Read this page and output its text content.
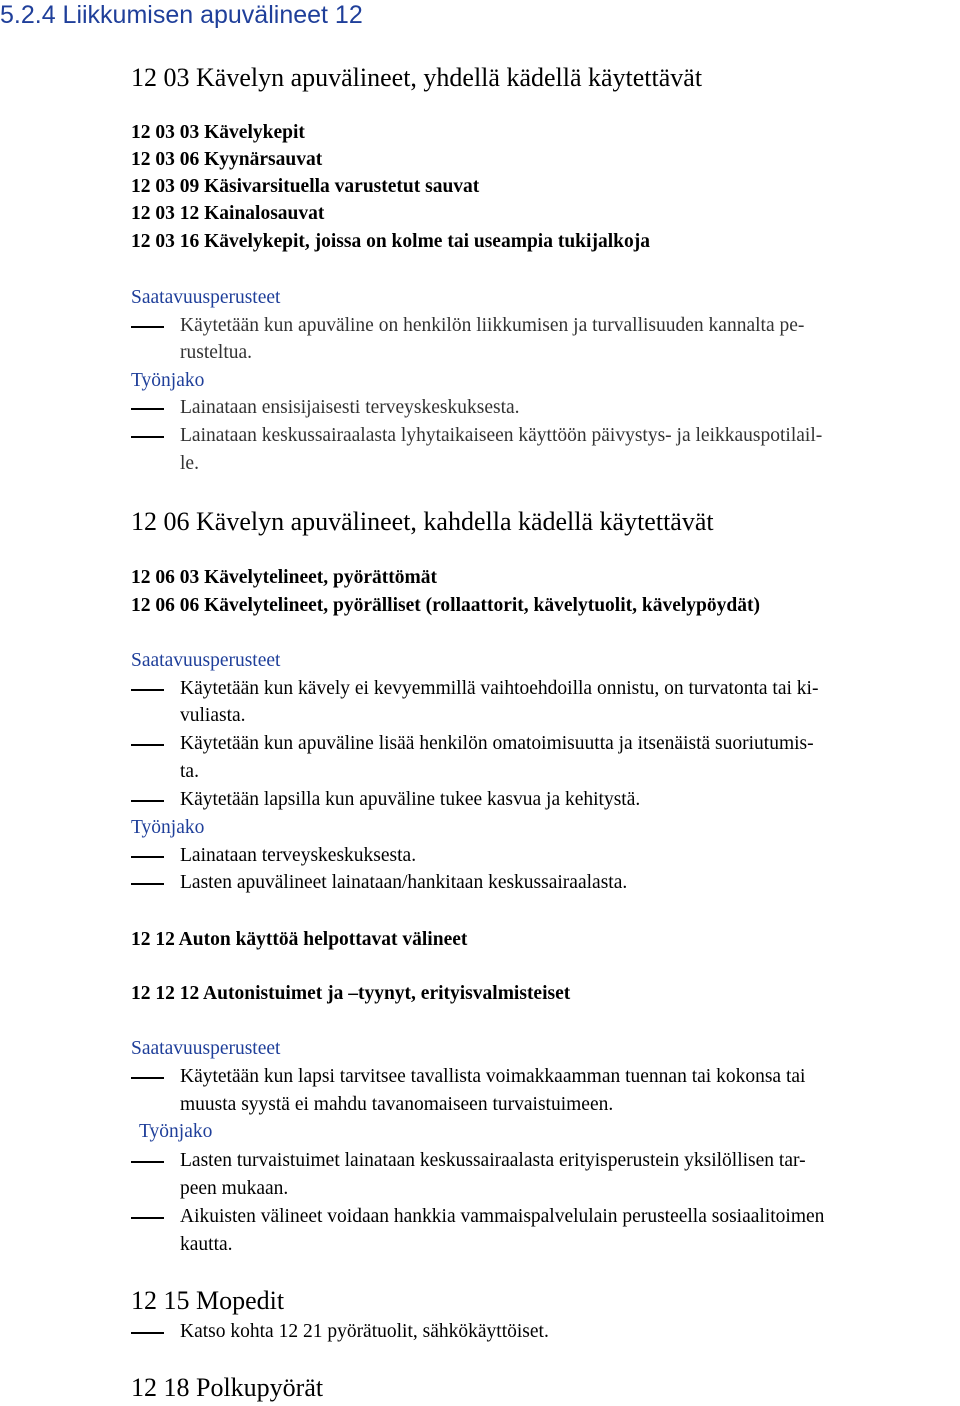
5.2.4 Liikkumisen apuvälineet 12
12 03 Kävelyn apuvälineet, yhdellä kädellä käytettävät
12 03 03 Kävelykepit
12 03 06 Kyynärsauvat
12 03 09 Käsivarsituella varustetut sauvat
12 03 12 Kainalosauvat
12 03 16 Kävelykepit, joissa on kolme tai useampia tukijalkoja
Saatavuusperusteet
Käytetään kun apuväline on henkilön liikkumisen ja turvallisuuden kannalta pe-
rusteltua.
Työnjako
Lainataan ensisijaisesti terveyskeskuksesta.
Lainataan keskussairaalasta lyhytaikaiseen käyttöön päivystys- ja leikkauspotilail-
le.
12 06 Kävelyn apuvälineet, kahdella kädellä käytettävät
12 06 03 Kävelytelineet, pyörättömät
12 06 06 Kävelytelineet, pyörälliset (rollaattorit, kävelytuolit, kävelypöydät)
Saatavuusperusteet
Käytetään kun kävely ei kevyemmillä vaihtoehdoilla onnistu, on turvatonta tai ki-
vuliasta.
Käytetään kun apuväline lisää henkilön omatoimisuutta ja itsenäistä suoriutumis-
ta.
Käytetään lapsilla kun apuväline tukee kasvua ja kehitystä.
Työnjako
Lainataan terveyskeskuksesta.
Lasten apuvälineet lainataan/hankitaan keskussairaalasta.
12 12 Auton käyttöä helpottavat välineet
12 12 12 Autonistuimet ja –tyynyt, erityisvalmisteiset
Saatavuusperusteet
Käytetään kun lapsi tarvitsee tavallista voimakkaamman tuennan tai kokonsa tai
muusta syystä ei mahdu tavanomaiseen turvaistuimeen.
Työnjako
Lasten turvaistuimet lainataan keskussairaalasta erityisperustein yksilöllisen tar-
peen mukaan.
Aikuisten välineet voidaan hankkia vammaispalvelulain perusteella sosiaalitoimen
kautta.
12 15 Mopedit
Katso kohta 12 21 pyörätuolit, sähkökäyttöiset.
12 18 Polkupyörät
